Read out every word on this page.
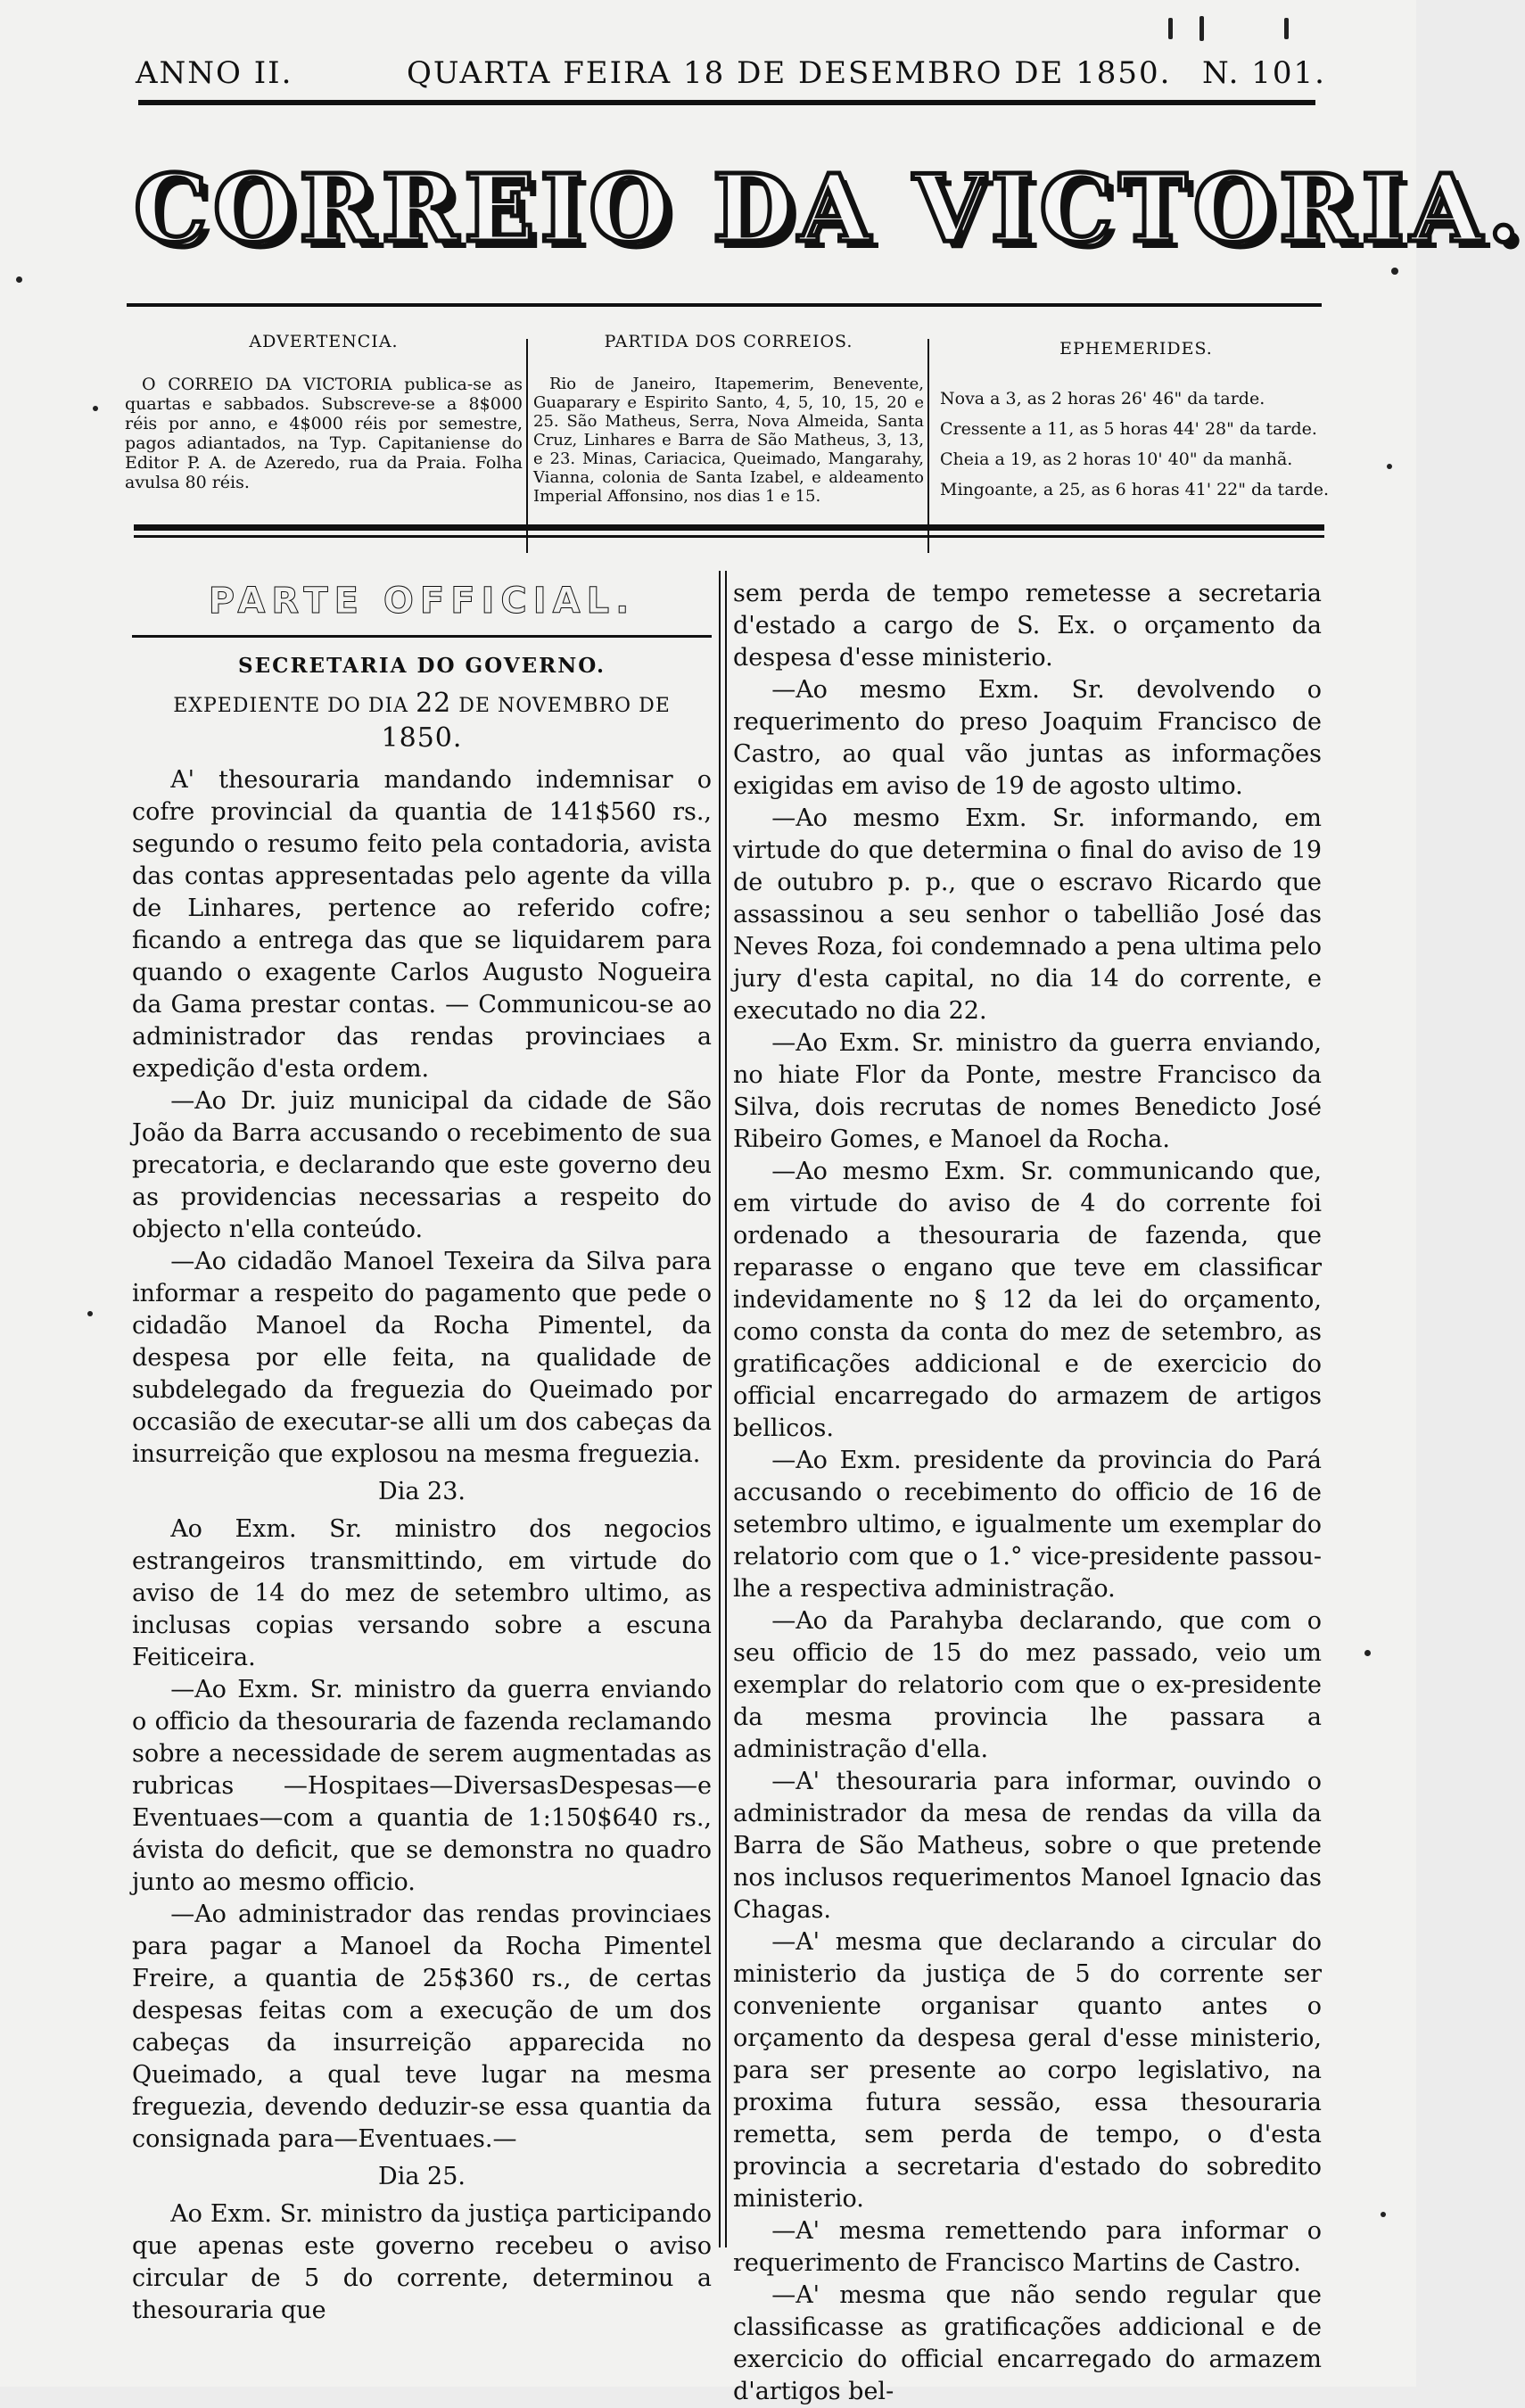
ANNO II.	QUARTA FEIRA 18 DE DESEMBRO DE 1850. N. 101.
CORREIO DA VICTORIA.
ADVERTENCIA.
O CORREIO DA VICTORIA publica-se as quartas e sabbados. Subscreve-se a 8$000 réis por anno, e 4$000 réis por semestre, pagos adiantados, na Typ. Capitaniense do Editor P. A. de Azeredo, rua da Praia. Folha avulsa 80 réis.
PARTIDA DOS CORREIOS.
Rio de Janeiro, Itapemerim, Benevente, Guaparary e Espirito Santo, 4, 5, 10, 15, 20 e 25. São Matheus, Serra, Nova Almeida, Santa Cruz, Linhares e Barra de São Matheus, 3, 13, e 23. Minas, Cariacica, Queimado, Mangarahy, Vianna, colonia de Santa Izabel, e aldeamento Imperial Affonsino, nos dias 1 e 15.
EPHEMERIDES.
Nova a 3, as 2 horas 26' 46" da tarde.
Cressente a 11, as 5 horas 44' 28" da tarde.
Cheia a 19, as 2 horas 10' 40" da manhã.
Mingoante, a 25, as 6 horas 41' 22" da tarde.
PARTE OFFICIAL.
SECRETARIA DO GOVERNO.
EXPEDIENTE DO DIA 22 DE NOVEMBRO DE 1850.

A' thesouraria mandando indemnisar o cofre provincial da quantia de 141$560 rs., segundo o resumo feito pela contadoria, avista das contas appresentadas pelo agente da villa de Linhares, pertence ao referido cofre; ficando a entrega das que se liquidarem para quando o exagente Carlos Augusto Nogueira da Gama prestar contas. — Communicou-se ao administrador das rendas provinciaes a expedição d'esta ordem.

—Ao Dr. juiz municipal da cidade de São João da Barra accusando o recebimento de sua precatoria, e declarando que este governo deu as providencias necessarias a respeito do objecto n'ella conteúdo.

—Ao cidadão Manoel Texeira da Silva para informar a respeito do pagamento que pede o cidadão Manoel da Rocha Pimentel, da despesa por elle feita, na qualidade de subdelegado da freguezia do Queimado por occasião de executar-se alli um dos cabeças da insurreição que explosou na mesma freguezia.

Dia 23.

Ao Exm. Sr. ministro dos negocios estrangeiros transmittindo, em virtude do aviso de 14 do mez de setembro ultimo, as inclusas copias versando sobre a escuna Feiticeira.

—Ao Exm. Sr. ministro da guerra enviando o officio da thesouraria de fazenda reclamando sobre a necessidade de serem augmentadas as rubricas —Hospitaes—DiversasDespesas—e Eventuaes—com a quantia de 1:150$640 rs., ávista do deficit, que se demonstra no quadro junto ao mesmo officio.

—Ao administrador das rendas provinciaes para pagar a Manoel da Rocha Pimentel Freire, a quantia de 25$360 rs., de certas despesas feitas com a execução de um dos cabeças da insurreição apparecida no Queimado, a qual teve lugar na mesma freguezia, devendo deduzir-se essa quantia da consignada para—Eventuaes.—

Dia 25.

Ao Exm. Sr. ministro da justiça participando que apenas este governo recebeu o aviso circular de 5 do corrente, determinou a thesouraria que

sem perda de tempo remetesse a secretaria d'estado a cargo de S. Ex. o orçamento da despesa d'esse ministerio.

—Ao mesmo Exm. Sr. devolvendo o requerimento do preso Joaquim Francisco de Castro, ao qual vão juntas as informações exigidas em aviso de 19 de agosto ultimo.

—Ao mesmo Exm. Sr. informando, em virtude do que determina o final do aviso de 19 de outubro p. p., que o escravo Ricardo que assassinou a seu senhor o tabellião José das Neves Roza, foi condemnado a pena ultima pelo jury d'esta capital, no dia 14 do corrente, e executado no dia 22.

—Ao Exm. Sr. ministro da guerra enviando, no hiate Flor da Ponte, mestre Francisco da Silva, dois recrutas de nomes Benedicto José Ribeiro Gomes, e Manoel da Rocha.

—Ao mesmo Exm. Sr. communicando que, em virtude do aviso de 4 do corrente foi ordenado a thesouraria de fazenda, que reparasse o engano que teve em classificar indevidamente no § 12 da lei do orçamento, como consta da conta do mez de setembro, as gratificações addicional e de exercicio do official encarregado do armazem de artigos bellicos.

—Ao Exm. presidente da provincia do Pará accusando o recebimento do officio de 16 de setembro ultimo, e igualmente um exemplar do relatorio com que o 1.° vice-presidente passou-lhe a respectiva administração.

—Ao da Parahyba declarando, que com o seu officio de 15 do mez passado, veio um exemplar do relatorio com que o ex-presidente da mesma provincia lhe passara a administração d'ella.

—A' thesouraria para informar, ouvindo o administrador da mesa de rendas da villa da Barra de São Matheus, sobre o que pretende nos inclusos requerimentos Manoel Ignacio das Chagas.

—A' mesma que declarando a circular do ministerio da justiça de 5 do corrente ser conveniente organisar quanto antes o orçamento da despesa geral d'esse ministerio, para ser presente ao corpo legislativo, na proxima futura sessão, essa thesouraria remetta, sem perda de tempo, o d'esta provincia a secretaria d'estado do sobredito ministerio.

—A' mesma remettendo para informar o requerimento de Francisco Martins de Castro.

—A' mesma que não sendo regular que classificasse as gratificações addicional e de exercicio do official encarregado do armazem d'artigos bel-
